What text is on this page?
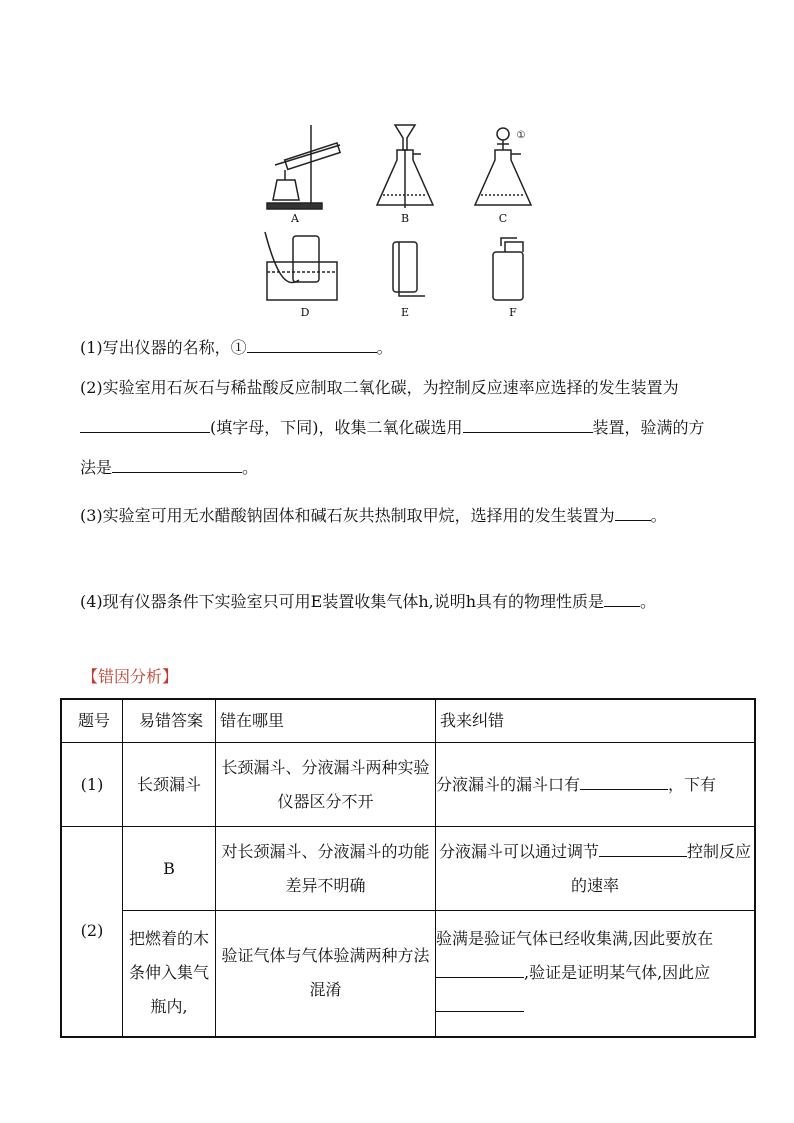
A	B	C
D	E	F
①
(1)写出仪器的名称，①	。
(2)实验室用石灰石与稀盐酸反应制取二氧化碳，为控制反应速率应选择的发生装置为(填字母，下同)，收集二氧化碳选用	装置，验满的方法是	。
(3)实验室可用无水醋酸钠固体和碱石灰共热制取甲烷，选择用的发生装置为 。
(4)现有仪器条件下实验室只可用E装置收集气体h,说明h具有的物理性质是 。
【错因分析】
题号	易错答案	错在哪里	我来纠错
(1)	长颈漏斗	长颈漏斗、分液漏斗两种实验仪器区分不开	分液漏斗的漏斗口有 ，下有
(2)	B	对长颈漏斗、分液漏斗的功能差异不明确	分液漏斗可以通过调节 控制反应的速率
	把燃着的木条伸入集气瓶内,	验证气体与气体验满两种方法混淆	验满是验证气体已经收集满,因此要放在,验证是证明某气体,因此应
